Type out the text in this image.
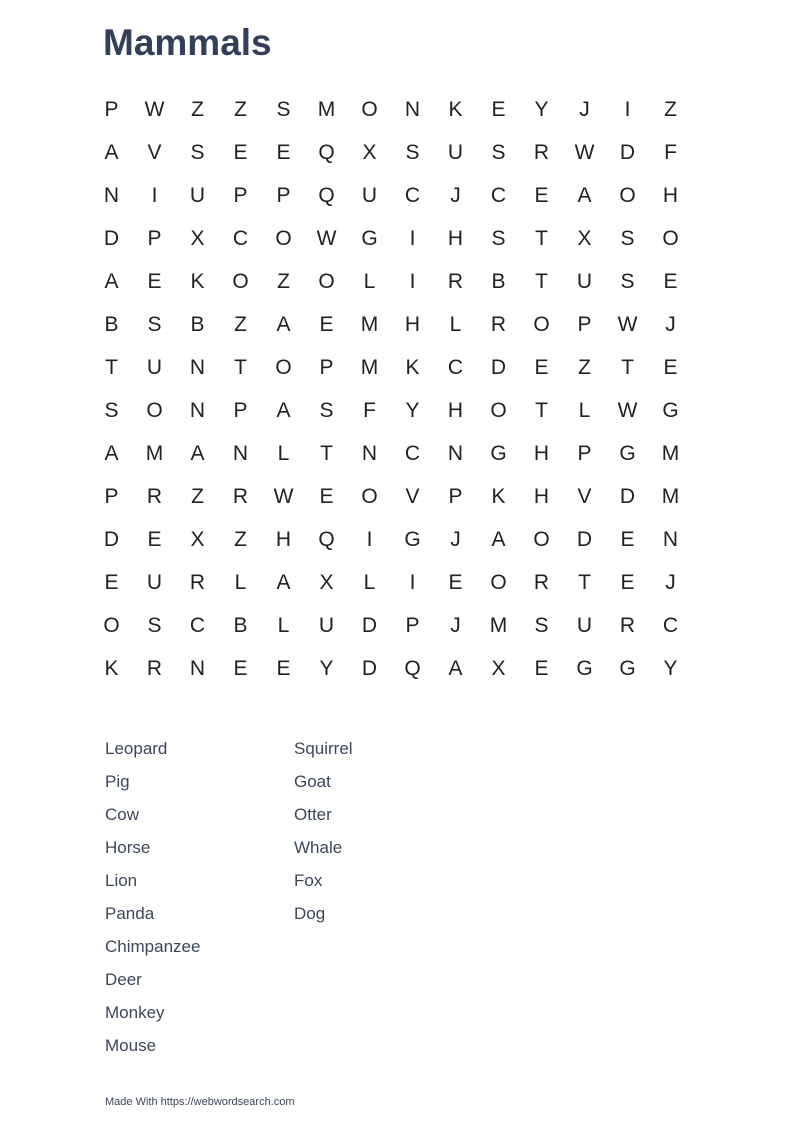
Mammals
P	W	Z	Z	S	M	O	N	K	E	Y	J	I	Z
A	V	S	E	E	Q	X	S	U	S	R	W	D	F
N	I	U	P	P	Q	U	C	J	C	E	A	O	H
D	P	X	C	O	W	G	I	H	S	T	X	S	O
A	E	K	O	Z	O	L	I	R	B	T	U	S	E
B	S	B	Z	A	E	M	H	L	R	O	P	W	J
T	U	N	T	O	P	M	K	C	D	E	Z	T	E
S	O	N	P	A	S	F	Y	H	O	T	L	W	G
A	M	A	N	L	T	N	C	N	G	H	P	G	M
P	R	Z	R	W	E	O	V	P	K	H	V	D	M
D	E	X	Z	H	Q	I	G	J	A	O	D	E	N
E	U	R	L	A	X	L	I	E	O	R	T	E	J
O	S	C	B	L	U	D	P	J	M	S	U	R	C
K	R	N	E	E	Y	D	Q	A	X	E	G	G	Y
Leopard
Pig
Cow
Horse
Lion
Panda
Chimpanzee
Deer
Monkey
Mouse
Squirrel
Goat
Otter
Whale
Fox
Dog
Made With https://webwordsearch.com
